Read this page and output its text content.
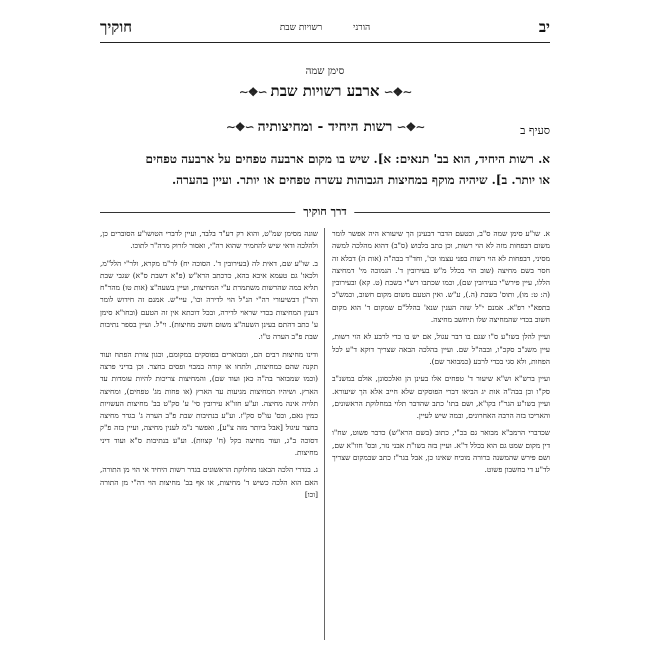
יב
הורני רשויות שבת
חוקיך
סימן שמה
∽❖∼ארבע רשויות שבת∼❖∽
סעיף ב
∽❖∼רשות היחיד - ומחיצותיה∼❖∽

א. רשות היחיד, הוא בב' תנאים: א]. שיש בו מקום ארבעה טפחים על ארבעה טפחים

או יותר. ב]. שיהיה מוקף במחיצות הגבוהות עשרה טפחים או יותר. ועיין בהערה.

דרך חוקיך

א. שו"ע סימן שמה ס"ב, ובטעם הדבר דבעינן הך שיעורא היה אפשר לומר משום דבפחות מזה לא הוי רשות, וכן כתב בלבוש (ס"ב) דהוא מהלכה למשה מסיני, דבפחות לא הוי רשות בפני עצמו וכו', וחד"ד בבה"ה (אות ה) דבלא זה חסר בשם מחיצה (שוב הוי בכלל מ"ש בעירובין ד'. הנמוכה מי' דמחיצה הללו, עיין פירש"י בעירובין שם), וכמו שכתבו רש"י בשבת (ט. קא) ובעירובין (ה: ט: מו), ותוס' בשבת (ה.), ע"ש. ואין הטעם משום מקום חשוב, וכמש"כ בתפא"י רפ"א. אמנם י"ל שזה הענין שנא' בהלל"ם שמקום ד' הוא מקום חשוב בכדי שהמחיצה שלו תיחשב מחיצה.

ועיין להלן בשו"ע ס"ו שגם בו דבר עגול, אם יש בו כדי לרבע לא הוי רשות, עיין משנ"ב סקכ"ו, ובבה"ל שם. ועיין בהלכה הבאה שצריך דוקא ד"ע לכל הפחות, ולא סגי בכדי לרבע (כמבואר שם).

ועיין ברש"א וש"א שיעור ד' טפחים אלו בעינן הן ואלכסונן, אולם במשנ"ב סק"ו וכן בבה"ה אות יג הביאו דברי הפוסקים שלא חייב אלא הך שיעורא. ועיין בשו"ע הגר"ז בקו"א, ושם בתו' כתב שהדבר תלוי במחלוקת הראשונים, והאריכו בזה הרבה האחרונים, ובמה שיש לעיין.

שכדברי הרמב"א מבואר גם בכ"י, כתוב (בשם הרא"ש) כדבר פשוט, שח"ו דין מקום שמט גם הוא בכלל ד"א. ועיין בזה בשו"ת אבני נזר, ובס' חזו"א שם, ושם פירש שהמשנה ברורה מוכיח שאינו כן, אבל בגר"ז כתב שבמקום שצריך לד"ע די בחשבון פשוט.

שונה מסימן שמ"ט, והוא רק דע"ד בלבד, ועיין לדברי הטושו"ע הסוברים כן, ולהלכה ודאי שיש להחמיר שהוא רה"י, ואסור לזרוק מרה"ר לתוכו.

ב. שו"ע שם, דאית לה (בעירובין ד'. הסוכה יח) לר"מ מקרא, ולר"י הלל"מ, ולכאו' גם טעמא איכא בהא, כדכתב הרא"ש (פ"א דשבת ס"א) שגבי שבת תליא במה שהרשות משתמרת ע"י המחיצות, ועיין בשעה"צ (אות טו) מהר"ח והר"ן דבשיעורי רה"י הנ"ל הוי לדירה וכו', עיי"ש. אמנם זה חידוש לומר דענין המחיצות בכדי שראוי לדירה, ובכל דוכתא אין זה הטעם (ובחו"א סימן ע' כתב דהתם בעינן השעה"צ משום חשוב מחיצות). וי"ל. ועיין בספר נתיבות שבת פ"ב הערה ט"ו.

ודינו מחיצות רבים הם, ומבוארים בפוסקים במקומם, וכגון צורת הפתח ועוד תקנה שהם כמחיצות, ולתחו או קורה במבוי ופסים בחצר. וכן בדיני פרצה (וכמו שמבואר בה"ה כאן ועוד שם), והמחיצות צריכות להיות עומדות עד הארץ. ושיהיו המחיצות מגיעות עד הארץ (או פחות מג' טפחים), ומחיצה תלויה אינה מחיצה. וע"ע חזו"א עירובין סי' ע' סק"ט בב' מחיצות העשויות כמין גאם, ובס' עו"ס סק"ז. וע"ע בנתיבות שבת פ"ב הערה ג' בגדר מחיצה בחצר עיגול [אבל ביותר מזה צ"ע], ואפשר נ"מ לענין מחיצה, ועיין בזה פ"ק דסוכה ב"ג, ועוד מחיצה בקל (ח' קצוות). וע"ע בנתיבות ס"א ועוד דיני מחיצות.

ג. בגדרי הלכה הבאנו מחלוקת הראשונים בגדר רשות היחיד אי הוי מן התורה, האם הוא הלכה כשיש ד' מחיצות, או אף בב' מחיצות הוי רה"י מן התורה [וכו]
